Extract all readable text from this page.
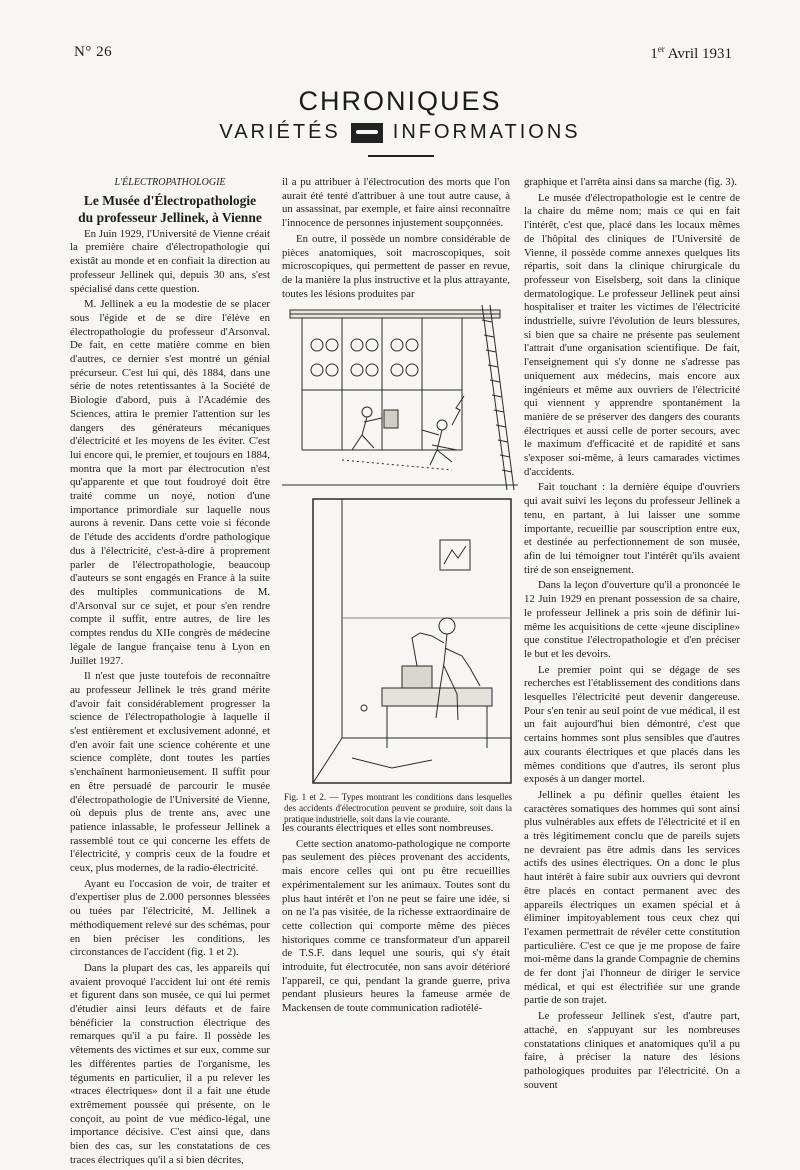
N° 26	1er Avril 1931
CHRONIQUES
VARIÉTÉS	INFORMATIONS

L'ÉLECTROPATHOLOGIE

Le Musée d'Électropathologie
du professeur Jellinek, à Vienne

En Juin 1929, l'Université de Vienne créait la première chaire d'électropathologie qui existât au monde et en confiait la direction au professeur Jellinek qui, depuis 30 ans, s'est spécialisé dans cette question.

M. Jellinek a eu la modestie de se placer sous l'égide et de se dire l'élève en électropathologie du professeur d'Arsonval. De fait, en cette matière comme en bien d'autres, ce dernier s'est montré un génial précurseur. C'est lui qui, dès 1884, dans une série de notes retentissantes à la Société de Biologie d'abord, puis à l'Académie des Sciences, attira le premier l'attention sur les dangers des générateurs mécaniques d'électricité et les moyens de les éviter. C'est lui encore qui, le premier, et toujours en 1884, montra que la mort par électrocution n'est qu'apparente et que tout foudroyé doit être traité comme un noyé, notion d'une importance primordiale sur laquelle nous aurons à revenir. Dans cette voie si féconde de l'étude des accidents d'ordre pathologique dus à l'électricité, c'est-à-dire à proprement parler de l'électropathologie, beaucoup d'auteurs se sont engagés en France à la suite des multiples communications de M. d'Arsonval sur ce sujet, et pour s'en rendre compte il suffit, entre autres, de lire les comptes rendus du XIIe congrès de médecine légale de langue française tenu à Lyon en Juillet 1927.

Il n'est que juste toutefois de reconnaître au professeur Jellinek le très grand mérite d'avoir fait considérablement progresser la science de l'électropathologie à laquelle il s'est entièrement et exclusivement adonné, et d'en avoir fait une science cohérente et une science complète, dont toutes les parties s'enchaînent harmonieusement. Il suffit pour en être persuadé de parcourir le musée d'électropathologie de l'Université de Vienne, où depuis plus de trente ans, avec une patience inlassable, le professeur Jellinek a rassemblé tout ce qui concerne les effets de l'électricité, y compris ceux de la foudre et ceux, plus modernes, de la radio-électricité.

Ayant eu l'occasion de voir, de traiter et d'expertiser plus de 2.000 personnes blessées ou tuées par l'électricité, M. Jellinek a méthodiquement relevé sur des schémas, pour en bien préciser les conditions, les circonstances de l'accident (fig. 1 et 2).

Dans la plupart des cas, les appareils qui avaient provoqué l'accident lui ont été remis et figurent dans son musée, ce qui lui permet d'étudier ainsi leurs défauts et de faire bénéficier la construction électrique des remarques qu'il a pu faire. Il possède les vêtements des victimes et sur eux, comme sur les différentes parties de l'organisme, les téguments en particulier, il a pu relever les «traces électriques» dont il a fait une étude extrêmement poussée qui présente, on le conçoit, au point de vue médico-légal, une importance décisive. C'est ainsi que, dans bien des cas, sur les constatations de ces traces électriques qu'il a si bien décrites,

il a pu attribuer à l'électrocution des morts que l'on aurait été tenté d'attribuer à une tout autre cause, à un assassinat, par exemple, et faire ainsi reconnaître l'innocence de personnes injustement soupçonnées.

En outre, il possède un nombre considérable de pièces anatomiques, soit macroscopiques, soit microscopiques, qui permettent de passer en revue, de la manière la plus instructive et la plus attrayante, toutes les lésions produites par

Fig. 1 et 2. — Types montrant les conditions dans lesquelles des accidents d'électrocution peuvent se produire, soit dans la pratique industrielle, soit dans la vie courante.

les courants électriques et elles sont nombreuses.

Cette section anatomo-pathologique ne comporte pas seulement des pièces provenant des accidents, mais encore celles qui ont pu être recueillies expérimentalement sur les animaux. Toutes sont du plus haut intérêt et l'on ne peut se faire une idée, si on ne l'a pas visitée, de la richesse extraordinaire de cette collection qui comporte même des pièces historiques comme ce transformateur d'un appareil de T.S.F. dans lequel une souris, qui s'y était introduite, fut électrocutée, non sans avoir détérioré l'appareil, ce qui, pendant la grande guerre, priva pendant plusieurs heures la fameuse armée de Mackensen de toute communication radiotélé-

graphique et l'arrêta ainsi dans sa marche (fig. 3).

Le musée d'électropathologie est le centre de la chaire du même nom; mais ce qui en fait l'intérêt, c'est que, placé dans les locaux mêmes de l'hôpital des cliniques de l'Université de Vienne, il possède comme annexes quelques lits répartis, soit dans la clinique chirurgicale du professeur von Eiselsberg, soit dans la clinique dermatologique. Le professeur Jellinek peut ainsi hospitaliser et traiter les victimes de l'électricité industrielle, suivre l'évolution de leurs blessures, si bien que sa chaire ne présente pas seulement l'attrait d'une organisation scientifique. De fait, l'enseignement qui s'y donne ne s'adresse pas uniquement aux médecins, mais encore aux ingénieurs et même aux ouvriers de l'électricité qui viennent y apprendre spontanément la manière de se préserver des dangers des courants électriques et aussi celle de porter secours, avec le maximum d'efficacité et de rapidité et sans s'exposer soi-même, à leurs camarades victimes d'accidents.

Fait touchant : la dernière équipe d'ouvriers qui avait suivi les leçons du professeur Jellinek a tenu, en partant, à lui laisser une somme importante, recueillie par souscription entre eux, et destinée au perfectionnement de son musée, afin de lui témoigner tout l'intérêt qu'ils avaient tiré de son enseignement.

Dans la leçon d'ouverture qu'il a prononcée le 12 Juin 1929 en prenant possession de sa chaire, le professeur Jellinek a pris soin de définir lui-même les acquisitions de cette «jeune discipline» que constitue l'électropathologie et d'en préciser le but et les devoirs.

Le premier point qui se dégage de ses recherches est l'établissement des conditions dans lesquelles l'électricité peut devenir dangereuse. Pour s'en tenir au seul point de vue médical, il est un fait aujourd'hui bien démontré, c'est que certains hommes sont plus sensibles que d'autres aux courants électriques et que placés dans les mêmes conditions que d'autres, ils seront plus exposés à un danger mortel.

Jellinek a pu définir quelles étaient les caractères somatiques des hommes qui sont ainsi plus vulnérables aux effets de l'électricité et il en a très légitimement conclu que de pareils sujets ne devraient pas être admis dans les services actifs des usines électriques. On a donc le plus haut intérêt à faire subir aux ouvriers qui devront être placés en contact permanent avec des appareils électriques un examen spécial et à éliminer impitoyablement tous ceux chez qui l'examen permettrait de révéler cette constitution particulière. C'est ce que je me propose de faire moi-même dans la grande Compagnie de chemins de fer dont j'ai l'honneur de diriger le service médical, et qui est électrifiée sur une grande partie de son trajet.

Le professeur Jellinek s'est, d'autre part, attaché, en s'appuyant sur les nombreuses constatations cliniques et anatomiques qu'il a pu faire, à préciser la nature des lésions pathologiques produites par l'électricité. On a souvent
